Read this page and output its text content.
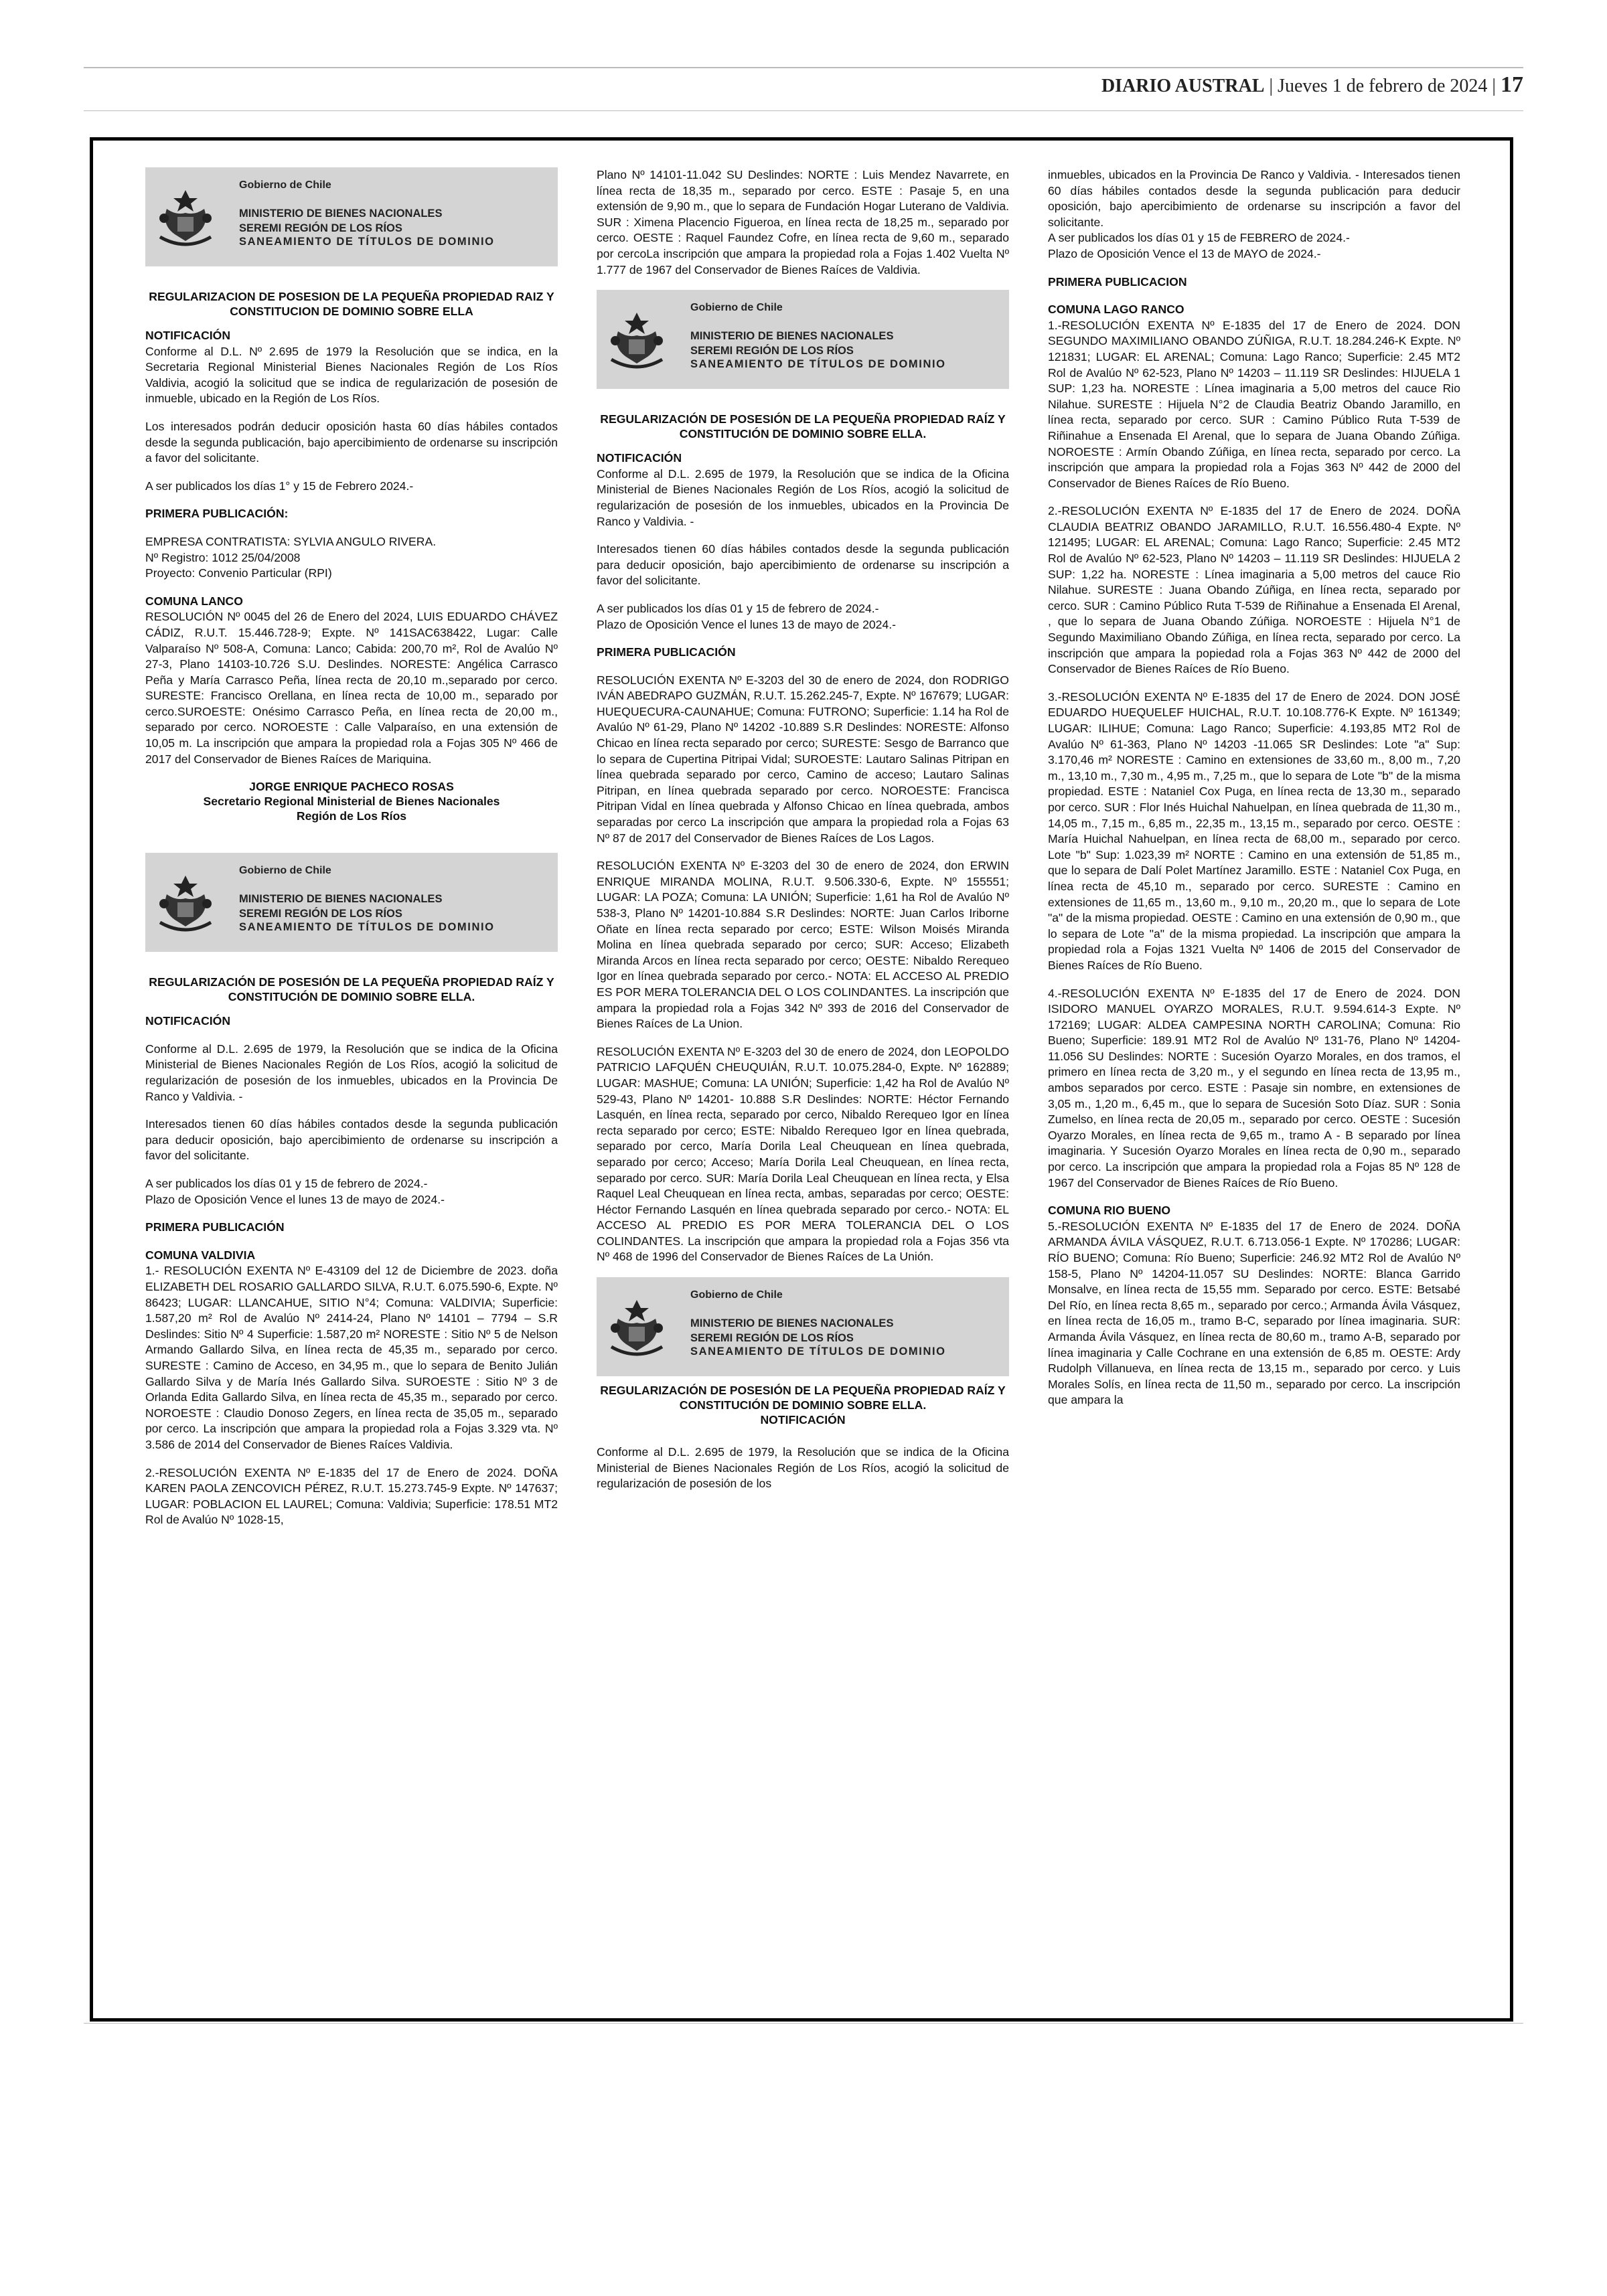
DIARIO AUSTRAL | Jueves 1 de febrero de 2024 | 17
Gobierno de Chile
MINISTERIO DE BIENES NACIONALES
SEREMI REGIÓN DE LOS RÍOS
SANEAMIENTO DE TÍTULOS DE DOMINIO
REGULARIZACION DE POSESION DE LA PEQUEÑA PROPIEDAD RAIZ Y CONSTITUCION DE DOMINIO SOBRE ELLA
NOTIFICACIÓN

Conforme al D.L. Nº 2.695 de 1979 la Resolución que se indica, en la Secretaria Regional Ministerial Bienes Nacionales Región de Los Ríos Valdivia, acogió la solicitud que se indica de regularización de posesión de inmueble, ubicado en la Región de Los Ríos.

Los interesados podrán deducir oposición hasta 60 días hábiles contados desde la segunda publicación, bajo apercibimiento de ordenarse su inscripción a favor del solicitante.

A ser publicados los días 1° y 15 de Febrero 2024.-

PRIMERA PUBLICACIÓN:

EMPRESA CONTRATISTA: SYLVIA ANGULO RIVERA.

Nº Registro: 1012 25/04/2008

Proyecto: Convenio Particular (RPI)

COMUNA LANCO

RESOLUCIÓN Nº 0045 del 26 de Enero del 2024, LUIS EDUARDO CHÁVEZ CÁDIZ, R.U.T. 15.446.728-9; Expte. Nº 141SAC638422, Lugar: Calle Valparaíso Nº 508-A, Comuna: Lanco; Cabida: 200,70 m², Rol de Avalúo Nº 27-3, Plano 14103-10.726 S.U. Deslindes. NORESTE: Angélica Carrasco Peña y María Carrasco Peña, línea recta de 20,10 m.,separado por cerco. SURESTE: Francisco Orellana, en línea recta de 10,00 m., separado por cerco.SUROESTE: Onésimo Carrasco Peña, en línea recta de 20,00 m., separado por cerco. NOROESTE : Calle Valparaíso, en una extensión de 10,05 m. La inscripción que ampara la propiedad rola a Fojas 305 Nº 466 de 2017 del Conservador de Bienes Raíces de Mariquina.

JORGE ENRIQUE PACHECO ROSAS
Secretario Regional Ministerial de Bienes Nacionales
Región de Los Ríos
Gobierno de Chile
MINISTERIO DE BIENES NACIONALES
SEREMI REGIÓN DE LOS RÍOS
SANEAMIENTO DE TÍTULOS DE DOMINIO
REGULARIZACIÓN DE POSESIÓN DE LA PEQUEÑA PROPIEDAD RAÍZ Y CONSTITUCIÓN DE DOMINIO SOBRE ELLA.
NOTIFICACIÓN

Conforme al D.L. 2.695 de 1979, la Resolución que se indica de la Oficina Ministerial de Bienes Nacionales Región de Los Ríos, acogió la solicitud de regularización de posesión de los inmuebles, ubicados en la Provincia De Ranco y Valdivia. -

Interesados tienen 60 días hábiles contados desde la segunda publicación para deducir oposición, bajo apercibimiento de ordenarse su inscripción a favor del solicitante.

A ser publicados los días 01 y 15 de febrero de 2024.-

Plazo de Oposición Vence el lunes 13 de mayo de 2024.-

PRIMERA PUBLICACIÓN
COMUNA VALDIVIA

1.- RESOLUCIÓN EXENTA Nº E-43109 del 12 de Diciembre de 2023. doña ELIZABETH DEL ROSARIO GALLARDO SILVA, R.U.T. 6.075.590-6, Expte. Nº 86423; LUGAR: LLANCAHUE, SITIO N°4; Comuna: VALDIVIA; Superficie: 1.587,20 m² Rol de Avalúo Nº 2414-24, Plano Nº 14101 – 7794 – S.R Deslindes: Sitio Nº 4 Superficie: 1.587,20 m² NORESTE : Sitio Nº 5 de Nelson Armando Gallardo Silva, en línea recta de 45,35 m., separado por cerco. SURESTE : Camino de Acceso, en 34,95 m., que lo separa de Benito Julián Gallardo Silva y de María Inés Gallardo Silva. SUROESTE : Sitio Nº 3 de Orlanda Edita Gallardo Silva, en línea recta de 45,35 m., separado por cerco. NOROESTE : Claudio Donoso Zegers, en línea recta de 35,05 m., separado por cerco. La inscripción que ampara la propiedad rola a Fojas 3.329 vta. Nº 3.586 de 2014 del Conservador de Bienes Raíces Valdivia.

2.-RESOLUCIÓN EXENTA Nº E-1835 del 17 de Enero de 2024. DOÑA KAREN PAOLA ZENCOVICH PÉREZ, R.U.T. 15.273.745-9 Expte. Nº 147637; LUGAR: POBLACION EL LAUREL; Comuna: Valdivia; Superficie: 178.51 MT2 Rol de Avalúo Nº 1028-15,

Plano Nº 14101-11.042 SU Deslindes: NORTE : Luis Mendez Navarrete, en línea recta de 18,35 m., separado por cerco. ESTE : Pasaje 5, en una extensión de 9,90 m., que lo separa de Fundación Hogar Luterano de Valdivia. SUR : Ximena Placencio Figueroa, en línea recta de 18,25 m., separado por cerco. OESTE : Raquel Faundez Cofre, en línea recta de 9,60 m., separado por cercoLa inscripción que ampara la propiedad rola a Fojas 1.402 Vuelta Nº 1.777 de 1967 del Conservador de Bienes Raíces de Valdivia.

Gobierno de Chile
MINISTERIO DE BIENES NACIONALES
SEREMI REGIÓN DE LOS RÍOS
SANEAMIENTO DE TÍTULOS DE DOMINIO
REGULARIZACIÓN DE POSESIÓN DE LA PEQUEÑA PROPIEDAD RAÍZ Y CONSTITUCIÓN DE DOMINIO SOBRE ELLA.
NOTIFICACIÓN

Conforme al D.L. 2.695 de 1979, la Resolución que se indica de la Oficina Ministerial de Bienes Nacionales Región de Los Ríos, acogió la solicitud de regularización de posesión de los inmuebles, ubicados en la Provincia De Ranco y Valdivia. -

Interesados tienen 60 días hábiles contados desde la segunda publicación para deducir oposición, bajo apercibimiento de ordenarse su inscripción a favor del solicitante.

A ser publicados los días 01 y 15 de febrero de 2024.-

Plazo de Oposición Vence el lunes 13 de mayo de 2024.-

PRIMERA PUBLICACIÓN

RESOLUCIÓN EXENTA Nº E-3203 del 30 de enero de 2024, don RODRIGO IVÁN ABEDRAPO GUZMÁN, R.U.T. 15.262.245-7, Expte. Nº 167679; LUGAR: HUEQUECURA-CAUNAHUE; Comuna: FUTRONO; Superficie: 1.14 ha Rol de Avalúo Nº 61-29, Plano Nº 14202 -10.889 S.R Deslindes: NORESTE: Alfonso Chicao en línea recta separado por cerco; SURESTE: Sesgo de Barranco que lo separa de Cupertina Pitripai Vidal; SUROESTE: Lautaro Salinas Pitripan en línea quebrada separado por cerco, Camino de acceso; Lautaro Salinas Pitripan, en línea quebrada separado por cerco. NOROESTE: Francisca Pitripan Vidal en línea quebrada y Alfonso Chicao en línea quebrada, ambos separadas por cerco La inscripción que ampara la propiedad rola a Fojas 63 Nº 87 de 2017 del Conservador de Bienes Raíces de Los Lagos.

RESOLUCIÓN EXENTA Nº E-3203 del 30 de enero de 2024, don ERWIN ENRIQUE MIRANDA MOLINA, R.U.T. 9.506.330-6, Expte. Nº 155551; LUGAR: LA POZA; Comuna: LA UNIÓN; Superficie: 1,61 ha Rol de Avalúo Nº 538-3, Plano Nº 14201-10.884 S.R Deslindes: NORTE: Juan Carlos Iriborne Oñate en línea recta separado por cerco; ESTE: Wilson Moisés Miranda Molina en línea quebrada separado por cerco; SUR: Acceso; Elizabeth Miranda Arcos en línea recta separado por cerco; OESTE: Nibaldo Rerequeo Igor en línea quebrada separado por cerco.- NOTA: EL ACCESO AL PREDIO ES POR MERA TOLERANCIA DEL O LOS COLINDANTES. La inscripción que ampara la propiedad rola a Fojas 342 Nº 393 de 2016 del Conservador de Bienes Raíces de La Union.

RESOLUCIÓN EXENTA Nº E-3203 del 30 de enero de 2024, don LEOPOLDO PATRICIO LAFQUÉN CHEUQUIÁN, R.U.T. 10.075.284-0, Expte. Nº 162889; LUGAR: MASHUE; Comuna: LA UNIÓN; Superficie: 1,42 ha Rol de Avalúo Nº 529-43, Plano Nº 14201- 10.888 S.R Deslindes: NORTE: Héctor Fernando Lasquén, en línea recta, separado por cerco, Nibaldo Rerequeo Igor en línea recta separado por cerco; ESTE: Nibaldo Rerequeo Igor en línea quebrada, separado por cerco, María Dorila Leal Cheuquean en línea quebrada, separado por cerco; Acceso; María Dorila Leal Cheuquean, en línea recta, separado por cerco. SUR: María Dorila Leal Cheuquean en línea recta, y Elsa Raquel Leal Cheuquean en línea recta, ambas, separadas por cerco; OESTE: Héctor Fernando Lasquén en línea quebrada separado por cerco.- NOTA: EL ACCESO AL PREDIO ES POR MERA TOLERANCIA DEL O LOS COLINDANTES. La inscripción que ampara la propiedad rola a Fojas 356 vta Nº 468 de 1996 del Conservador de Bienes Raíces de La Unión.

Gobierno de Chile
MINISTERIO DE BIENES NACIONALES
SEREMI REGIÓN DE LOS RÍOS
SANEAMIENTO DE TÍTULOS DE DOMINIO
REGULARIZACIÓN DE POSESIÓN DE LA PEQUEÑA PROPIEDAD RAÍZ Y CONSTITUCIÓN DE DOMINIO SOBRE ELLA.
NOTIFICACIÓN

Conforme al D.L. 2.695 de 1979, la Resolución que se indica de la Oficina Ministerial de Bienes Nacionales Región de Los Ríos, acogió la solicitud de regularización de posesión de los

inmuebles, ubicados en la Provincia De Ranco y Valdivia. - Interesados tienen 60 días hábiles contados desde la segunda publicación para deducir oposición, bajo apercibimiento de ordenarse su inscripción a favor del solicitante.

A ser publicados los días 01 y 15 de FEBRERO de 2024.-

Plazo de Oposición Vence el 13 de MAYO de 2024.-

PRIMERA PUBLICACION
COMUNA LAGO RANCO

1.-RESOLUCIÓN EXENTA Nº E-1835 del 17 de Enero de 2024. DON SEGUNDO MAXIMILIANO OBANDO ZÚÑIGA, R.U.T. 18.284.246-K Expte. Nº 121831; LUGAR: EL ARENAL; Comuna: Lago Ranco; Superficie: 2.45 MT2 Rol de Avalúo Nº 62-523, Plano Nº 14203 – 11.119 SR Deslindes: HIJUELA 1 SUP: 1,23 ha. NORESTE : Línea imaginaria a 5,00 metros del cauce Rio Nilahue. SURESTE : Hijuela N°2 de Claudia Beatriz Obando Jaramillo, en línea recta, separado por cerco. SUR : Camino Público Ruta T-539 de Riñinahue a Ensenada El Arenal, que lo separa de Juana Obando Zúñiga. NOROESTE : Armín Obando Zúñiga, en línea recta, separado por cerco. La inscripción que ampara la propiedad rola a Fojas 363 Nº 442 de 2000 del Conservador de Bienes Raíces de Río Bueno.

2.-RESOLUCIÓN EXENTA Nº E-1835 del 17 de Enero de 2024. DOÑA CLAUDIA BEATRIZ OBANDO JARAMILLO, R.U.T. 16.556.480-4 Expte. Nº 121495; LUGAR: EL ARENAL; Comuna: Lago Ranco; Superficie: 2.45 MT2 Rol de Avalúo Nº 62-523, Plano Nº 14203 – 11.119 SR Deslindes: HIJUELA 2 SUP: 1,22 ha. NORESTE : Línea imaginaria a 5,00 metros del cauce Rio Nilahue. SURESTE : Juana Obando Zúñiga, en línea recta, separado por cerco. SUR : Camino Público Ruta T-539 de Riñinahue a Ensenada El Arenal, , que lo separa de Juana Obando Zúñiga. NOROESTE : Hijuela N°1 de Segundo Maximiliano Obando Zúñiga, en línea recta, separado por cerco. La inscripción que ampara la popiedad rola a Fojas 363 Nº 442 de 2000 del Conservador de Bienes Raíces de Río Bueno.

3.-RESOLUCIÓN EXENTA Nº E-1835 del 17 de Enero de 2024. DON JOSÉ EDUARDO HUEQUELEF HUICHAL, R.U.T. 10.108.776-K Expte. Nº 161349; LUGAR: ILIHUE; Comuna: Lago Ranco; Superficie: 4.193,85 MT2 Rol de Avalúo Nº 61-363, Plano Nº 14203 -11.065 SR Deslindes: Lote "a" Sup: 3.170,46 m² NORESTE : Camino en extensiones de 33,60 m., 8,00 m., 7,20 m., 13,10 m., 7,30 m., 4,95 m., 7,25 m., que lo separa de Lote "b" de la misma propiedad. ESTE : Nataniel Cox Puga, en línea recta de 13,30 m., separado por cerco. SUR : Flor Inés Huichal Nahuelpan, en línea quebrada de 11,30 m., 14,05 m., 7,15 m., 6,85 m., 22,35 m., 13,15 m., separado por cerco. OESTE : María Huichal Nahuelpan, en línea recta de 68,00 m., separado por cerco. Lote "b" Sup: 1.023,39 m² NORTE : Camino en una extensión de 51,85 m., que lo separa de Dalí Polet Martínez Jaramillo. ESTE : Nataniel Cox Puga, en línea recta de 45,10 m., separado por cerco. SURESTE : Camino en extensiones de 11,65 m., 13,60 m., 9,10 m., 20,20 m., que lo separa de Lote "a" de la misma propiedad. OESTE : Camino en una extensión de 0,90 m., que lo separa de Lote "a" de la misma propiedad. La inscripción que ampara la propiedad rola a Fojas 1321 Vuelta Nº 1406 de 2015 del Conservador de Bienes Raíces de Río Bueno.

4.-RESOLUCIÓN EXENTA Nº E-1835 del 17 de Enero de 2024. DON ISIDORO MANUEL OYARZO MORALES, R.U.T. 9.594.614-3 Expte. Nº 172169; LUGAR: ALDEA CAMPESINA NORTH CAROLINA; Comuna: Rio Bueno; Superficie: 189.91 MT2 Rol de Avalúo Nº 131-76, Plano Nº 14204-11.056 SU Deslindes: NORTE : Sucesión Oyarzo Morales, en dos tramos, el primero en línea recta de 3,20 m., y el segundo en línea recta de 13,95 m., ambos separados por cerco. ESTE : Pasaje sin nombre, en extensiones de 3,05 m., 1,20 m., 6,45 m., que lo separa de Sucesión Soto Díaz. SUR : Sonia Zumelso, en línea recta de 20,05 m., separado por cerco. OESTE : Sucesión Oyarzo Morales, en línea recta de 9,65 m., tramo A - B separado por línea imaginaria. Y Sucesión Oyarzo Morales en línea recta de 0,90 m., separado por cerco. La inscripción que ampara la propiedad rola a Fojas 85 Nº 128 de 1967 del Conservador de Bienes Raíces de Río Bueno.

COMUNA RIO BUENO

5.-RESOLUCIÓN EXENTA Nº E-1835 del 17 de Enero de 2024. DOÑA ARMANDA ÁVILA VÁSQUEZ, R.U.T. 6.713.056-1 Expte. Nº 170286; LUGAR: RÍO BUENO; Comuna: Río Bueno; Superficie: 246.92 MT2 Rol de Avalúo Nº 158-5, Plano Nº 14204-11.057 SU Deslindes: NORTE: Blanca Garrido Monsalve, en línea recta de 15,55 mm. Separado por cerco. ESTE: Betsabé Del Río, en línea recta 8,65 m., separado por cerco.; Armanda Ávila Vásquez, en línea recta de 16,05 m., tramo B-C, separado por línea imaginaria. SUR: Armanda Ávila Vásquez, en línea recta de 80,60 m., tramo A-B, separado por línea imaginaria y Calle Cochrane en una extensión de 6,85 m. OESTE: Ardy Rudolph Villanueva, en línea recta de 13,15 m., separado por cerco. y Luis Morales Solís, en línea recta de 11,50 m., separado por cerco. La inscripción que ampara la
